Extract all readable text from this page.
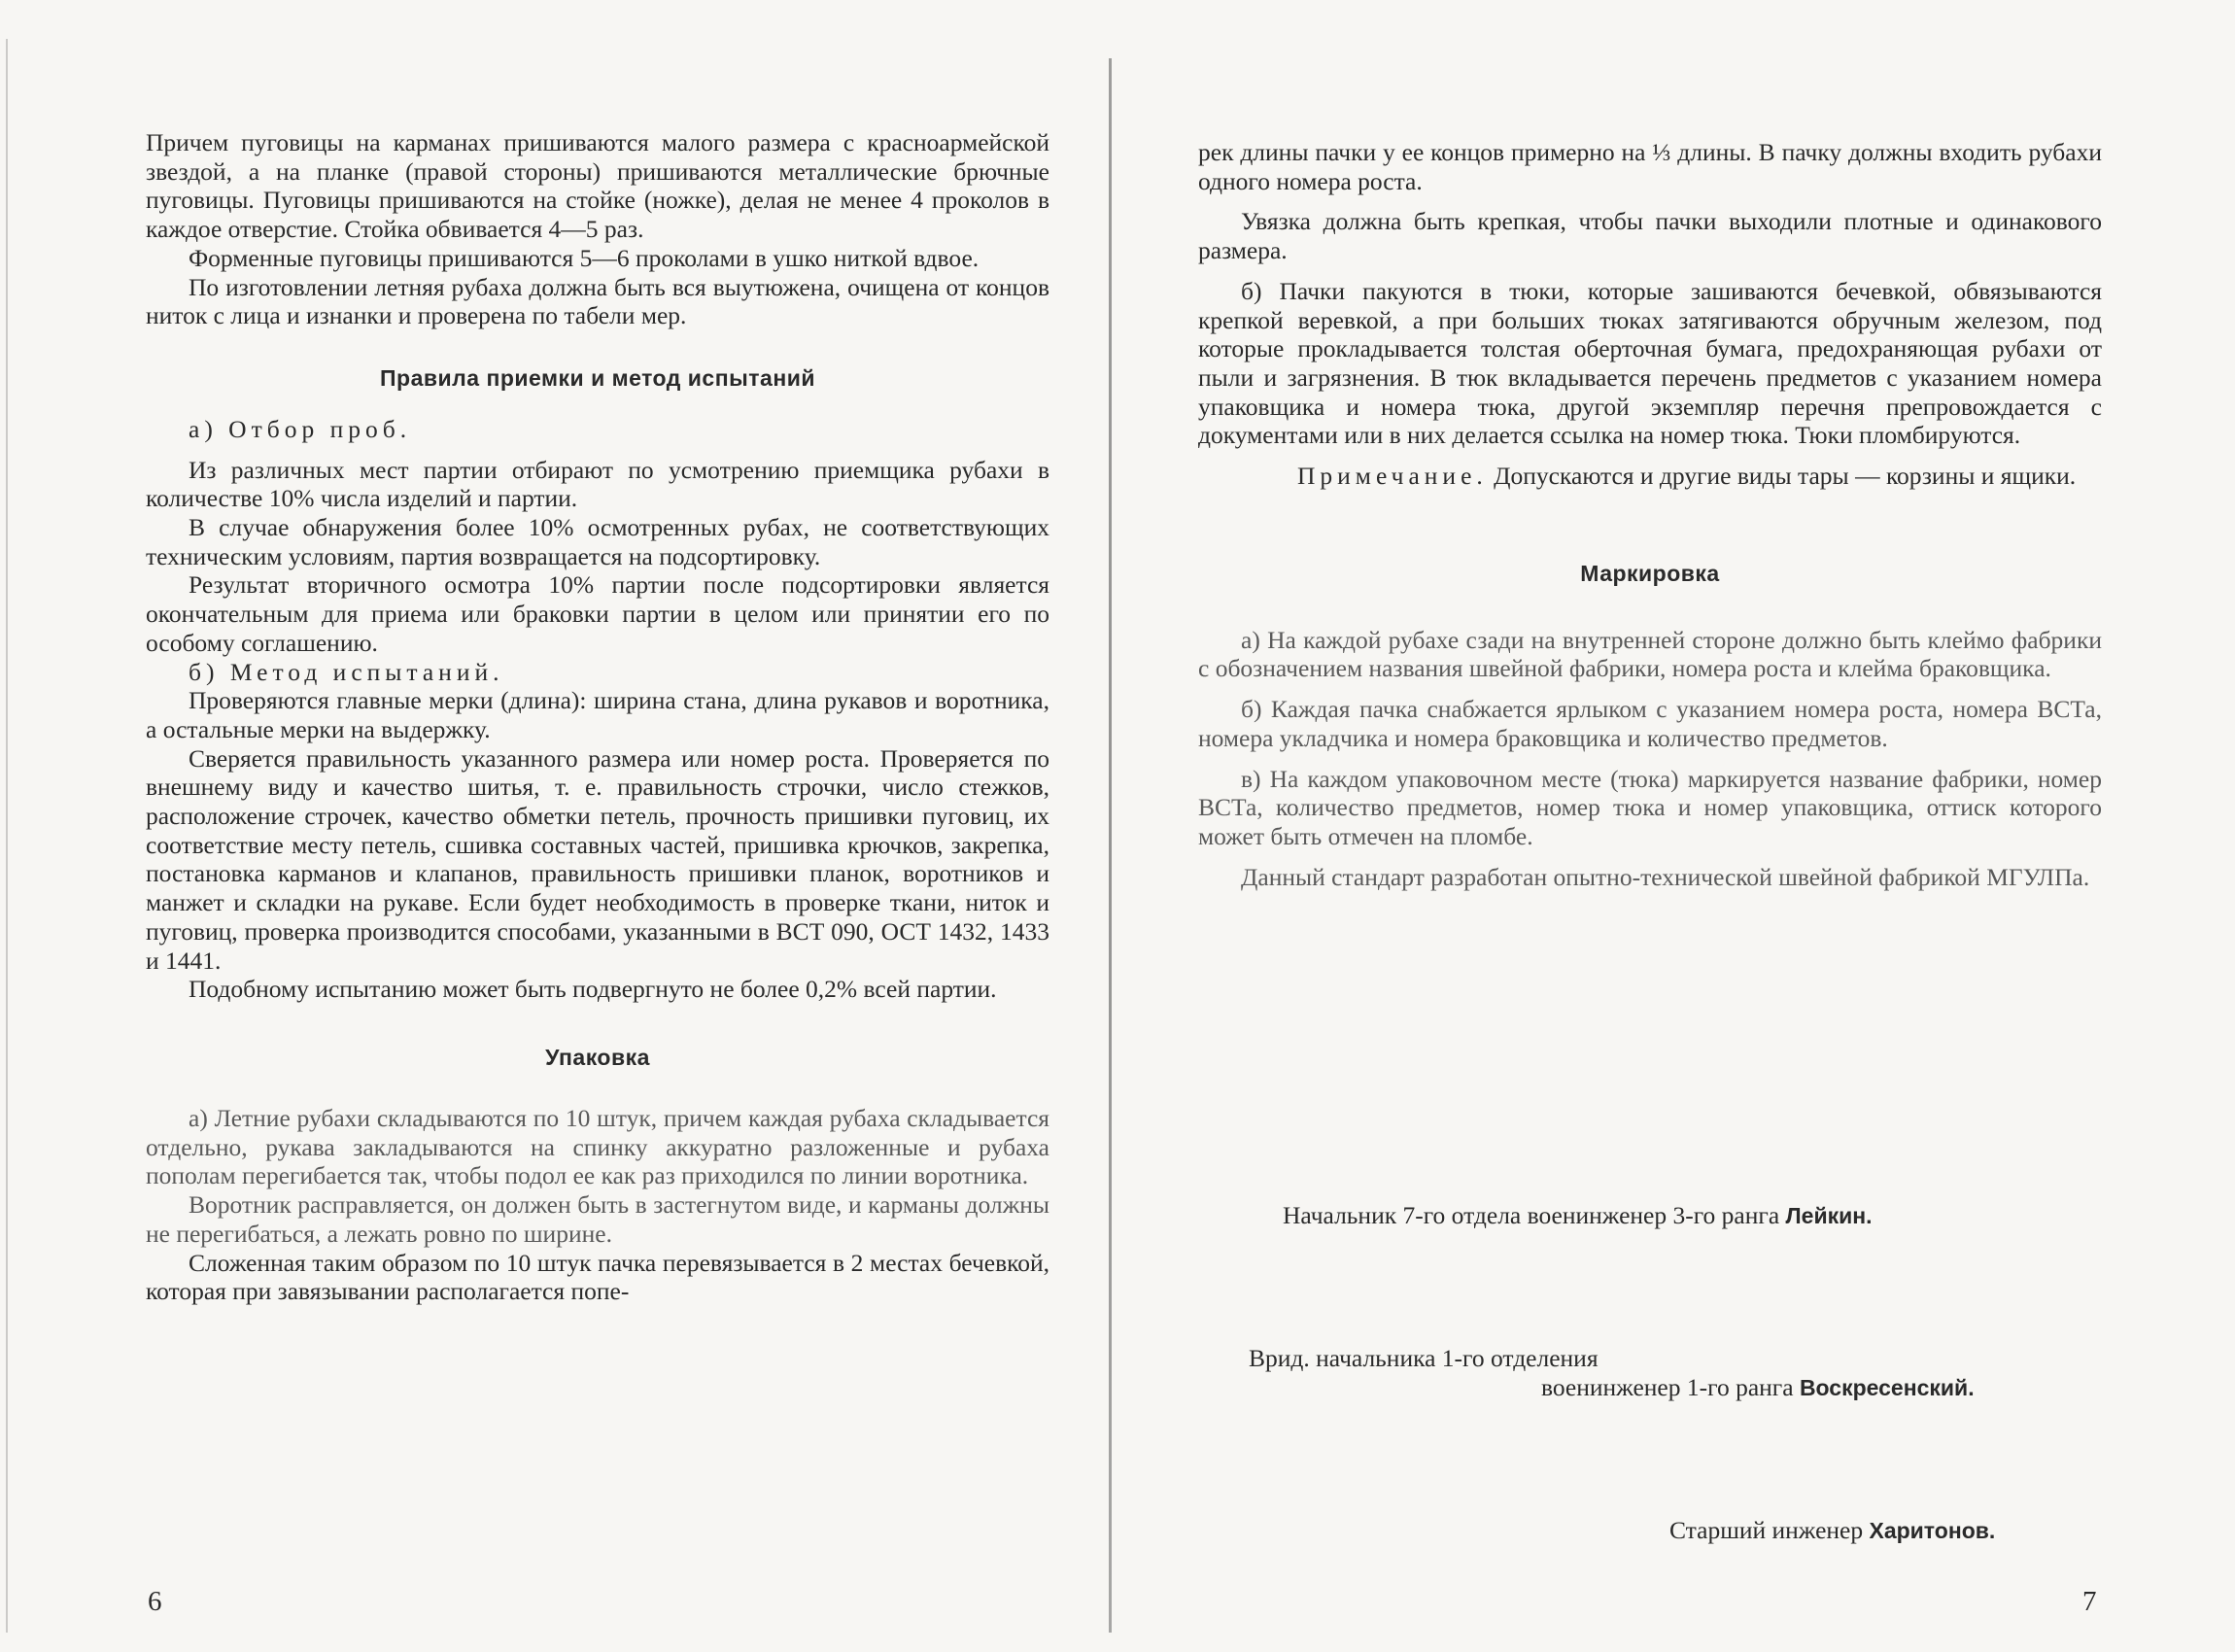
Причем пуговицы на карманах пришиваются малого размера с красноармейской звездой, а на планке (правой стороны) пришиваются металлические брючные пуговицы. Пуговицы пришиваются на стойке (ножке), делая не менее 4 проколов в каждое отверстие. Стойка обвивается 4—5 раз.

Форменные пуговицы пришиваются 5—6 проколами в ушко ниткой вдвое.

По изготовлении летняя рубаха должна быть вся выутюжена, очищена от концов ниток с лица и изнанки и проверена по табели мер.

Правила приемки и метод испытаний

а) Отбор проб.

Из различных мест партии отбирают по усмотрению приемщика рубахи в количестве 10% числа изделий и партии.

В случае обнаружения более 10% осмотренных рубах, не соответствующих техническим условиям, партия возвращается на подсортировку.

Результат вторичного осмотра 10% партии после подсортировки является окончательным для приема или браковки партии в целом или принятии его по особому соглашению.

б) Метод испытаний.

Проверяются главные мерки (длина): ширина стана, длина рукавов и воротника, а остальные мерки на выдержку.

Сверяется правильность указанного размера или номер роста. Проверяется по внешнему виду и качество шитья, т. е. правильность строчки, число стежков, расположение строчек, качество обметки петель, прочность пришивки пуговиц, их соответствие месту петель, сшивка составных частей, пришивка крючков, закрепка, постановка карманов и клапанов, правильность пришивки планок, воротников и манжет и складки на рукаве. Если будет необходимость в проверке ткани, ниток и пуговиц, проверка производится способами, указанными в ВСТ 090, ОСТ 1432, 1433 и 1441.

Подобному испытанию может быть подвергнуто не более 0,2% всей партии.

Упаковка

а) Летние рубахи складываются по 10 штук, причем каждая рубаха складывается отдельно, рукава закладываются на спинку аккуратно разложенные и рубаха пополам перегибается так, чтобы подол ее как раз приходился по линии воротника.

Воротник расправляется, он должен быть в застегнутом виде, и карманы должны не перегибаться, а лежать ровно по ширине.

Сложенная таким образом по 10 штук пачка перевязывается в 2 местах бечевкой, которая при завязывании располагается попе-

6

рек длины пачки у ее концов примерно на ⅓ длины. В пачку должны входить рубахи одного номера роста.

Увязка должна быть крепкая, чтобы пачки выходили плотные и одинакового размера.

б) Пачки пакуются в тюки, которые зашиваются бечевкой, обвязываются крепкой веревкой, а при больших тюках затягиваются обручным железом, под которые прокладывается толстая оберточная бумага, предохраняющая рубахи от пыли и загрязнения. В тюк вкладывается перечень предметов с указанием номера упаковщика и номера тюка, другой экземпляр перечня препровождается с документами или в них делается ссылка на номер тюка. Тюки пломбируются.

Примечание. Допускаются и другие виды тары — корзины и ящики.

Маркировка

а) На каждой рубахе сзади на внутренней стороне должно быть клеймо фабрики с обозначением названия швейной фабрики, номера роста и клейма браковщика.

б) Каждая пачка снабжается ярлыком с указанием номера роста, номера ВСТа, номера укладчика и номера браковщика и количество предметов.

в) На каждом упаковочном месте (тюка) маркируется название фабрики, номер ВСТа, количество предметов, номер тюка и номер упаковщика, оттиск которого может быть отмечен на пломбе.

Данный стандарт разработан опытно-технической швейной фабрикой МГУЛПа.

Начальник 7-го отдела военинженер 3-го ранга Лейкин.
Врид. начальника 1-го отделения
военинженер 1-го ранга Воскресенский.
Старший инженер Харитонов.
7
